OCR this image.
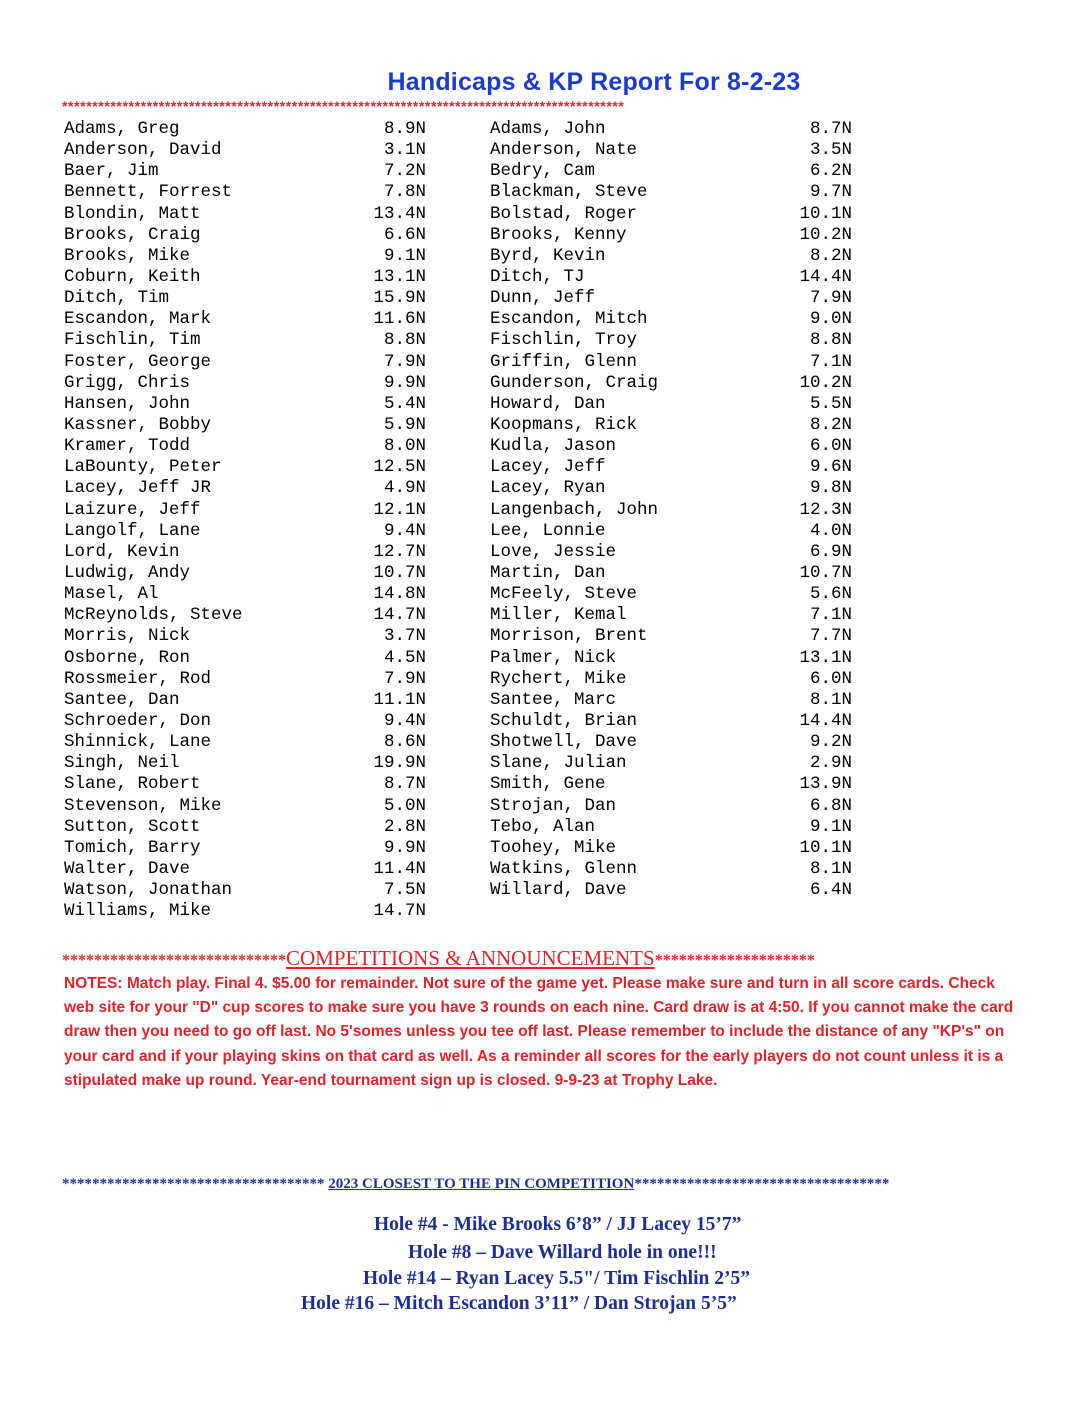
Handicaps & KP Report For 8-2-23
*********************************************************************************************
Adams, Greg	8.9N
Anderson, David	3.1N
Baer, Jim	7.2N
Bennett, Forrest	7.8N
Blondin, Matt	13.4N
Brooks, Craig	6.6N
Brooks, Mike	9.1N
Coburn, Keith	13.1N
Ditch, Tim	15.9N
Escandon, Mark	11.6N
Fischlin, Tim	8.8N
Foster, George	7.9N
Grigg, Chris	9.9N
Hansen, John	5.4N
Kassner, Bobby	5.9N
Kramer, Todd	8.0N
LaBounty, Peter	12.5N
Lacey, Jeff JR	4.9N
Laizure, Jeff	12.1N
Langolf, Lane	9.4N
Lord, Kevin	12.7N
Ludwig, Andy	10.7N
Masel, Al	14.8N
McReynolds, Steve	14.7N
Morris, Nick	3.7N
Osborne, Ron	4.5N
Rossmeier, Rod	7.9N
Santee, Dan	11.1N
Schroeder, Don	9.4N
Shinnick, Lane	8.6N
Singh, Neil	19.9N
Slane, Robert	8.7N
Stevenson, Mike	5.0N
Sutton, Scott	2.8N
Tomich, Barry	9.9N
Walter, Dave	11.4N
Watson, Jonathan	7.5N
Williams, Mike	14.7N
Adams, John	8.7N
Anderson, Nate	3.5N
Bedry, Cam	6.2N
Blackman, Steve	9.7N
Bolstad, Roger	10.1N
Brooks, Kenny	10.2N
Byrd, Kevin	8.2N
Ditch, TJ	14.4N
Dunn, Jeff	7.9N
Escandon, Mitch	9.0N
Fischlin, Troy	8.8N
Griffin, Glenn	7.1N
Gunderson, Craig	10.2N
Howard, Dan	5.5N
Koopmans, Rick	8.2N
Kudla, Jason	6.0N
Lacey, Jeff	9.6N
Lacey, Ryan	9.8N
Langenbach, John	12.3N
Lee, Lonnie	4.0N
Love, Jessie	6.9N
Martin, Dan	10.7N
McFeely, Steve	5.6N
Miller, Kemal	7.1N
Morrison, Brent	7.7N
Palmer, Nick	13.1N
Rychert, Mike	6.0N
Santee, Marc	8.1N
Schuldt, Brian	14.4N
Shotwell, Dave	9.2N
Slane, Julian	2.9N
Smith, Gene	13.9N
Strojan, Dan	6.8N
Tebo, Alan	9.1N
Toohey, Mike	10.1N
Watkins, Glenn	8.1N
Willard, Dave	6.4N
****************************COMPETITIONS & ANNOUNCEMENTS********************
NOTES: Match play. Final 4. $5.00 for remainder. Not sure of the game yet. Please make sure and turn in all score cards. Check web site for your "D" cup scores to make sure you have 3 rounds on each nine. Card draw is at 4:50. If you cannot make the card draw then you need to go off last. No 5'somes unless you tee off last. Please remember to include the distance of any "KP's" on your card and if your playing skins on that card as well. As a reminder all scores for the early players do not count unless it is a stipulated make up round. Year-end tournament sign up is closed. 9-9-23 at Trophy Lake.
*********************************** 2023 CLOSEST TO THE PIN COMPETITION**********************************
Hole #4 - Mike Brooks 6’8” / JJ Lacey 15’7”
Hole #8 – Dave Willard hole in one!!!
Hole #14 – Ryan Lacey 5.5"/ Tim Fischlin 2’5”
Hole #16 – Mitch Escandon 3’11” / Dan Strojan 5’5”
